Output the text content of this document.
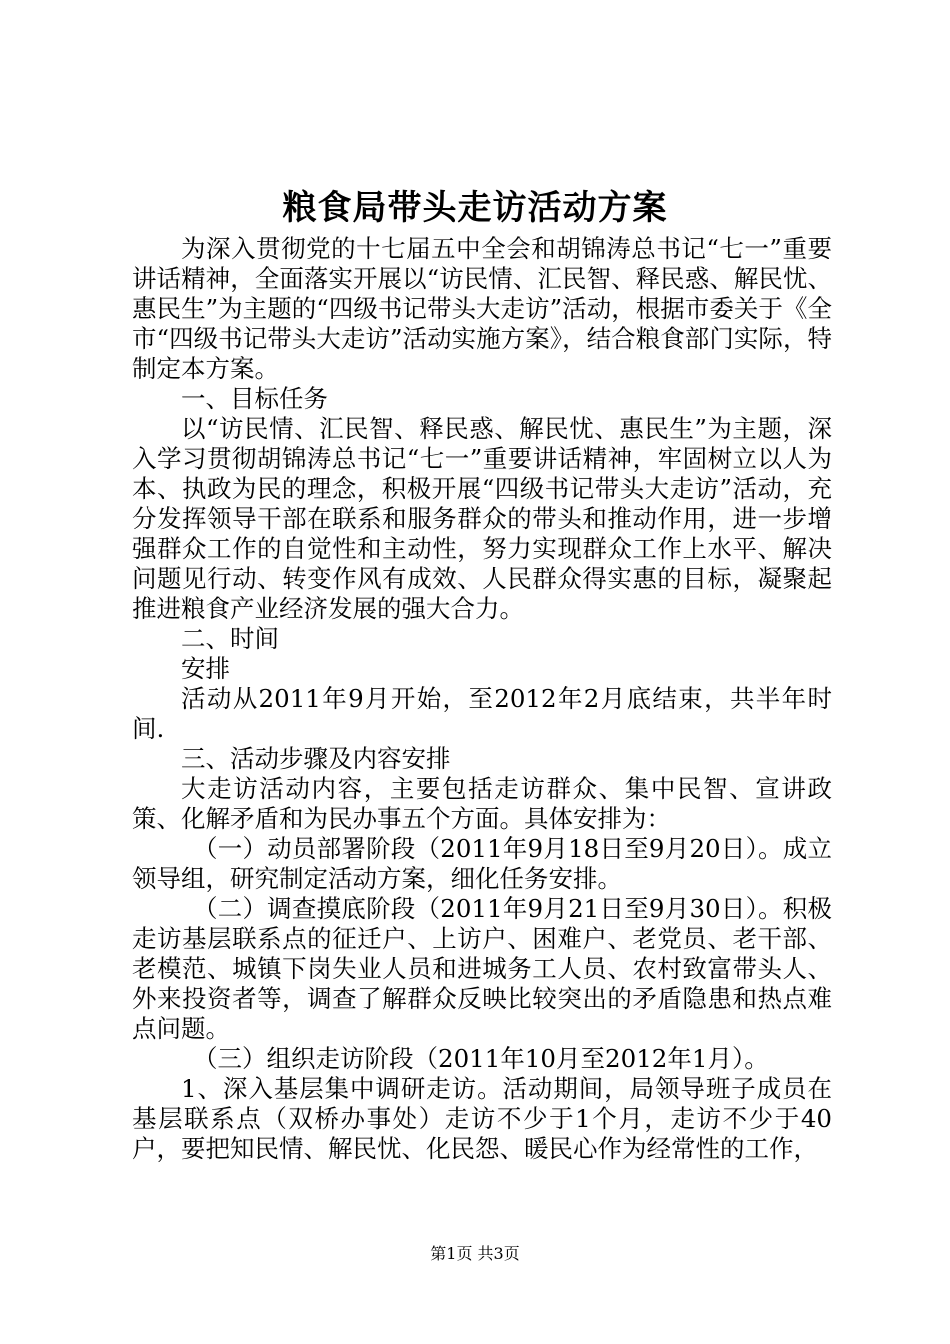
粮食局带头走访活动方案

为深入贯彻党的十七届五中全会和胡锦涛总书记“七一”重要讲话精神，全面落实开展以“访民情、汇民智、释民惑、解民忧、惠民生”为主题的“四级书记带头大走访”活动，根据市委关于《全市“四级书记带头大走访”活动实施方案》，结合粮食部门实际，特制定本方案。

一、目标任务

以“访民情、汇民智、释民惑、解民忧、惠民生”为主题，深入学习贯彻胡锦涛总书记“七一”重要讲话精神，牢固树立以人为本、执政为民的理念，积极开展“四级书记带头大走访”活动，充分发挥领导干部在联系和服务群众的带头和推动作用，进一步增强群众工作的自觉性和主动性，努力实现群众工作上水平、解决问题见行动、转变作风有成效、人民群众得实惠的目标，凝聚起推进粮食产业经济发展的强大合力。

二、时间

安排

活动从2011年9月开始，至2012年2月底结束，共半年时间.

三、活动步骤及内容安排

大走访活动内容，主要包括走访群众、集中民智、宣讲政策、化解矛盾和为民办事五个方面。具体安排为：

（一）动员部署阶段（2011年9月18日至9月20日）。成立领导组，研究制定活动方案，细化任务安排。

（二）调查摸底阶段（2011年9月21日至9月30日）。积极走访基层联系点的征迁户、上访户、困难户、老党员、老干部、老模范、城镇下岗失业人员和进城务工人员、农村致富带头人、外来投资者等，调查了解群众反映比较突出的矛盾隐患和热点难点问题。

（三）组织走访阶段（2011年10月至2012年1月）。

1、深入基层集中调研走访。活动期间，局领导班子成员在基层联系点（双桥办事处）走访不少于1个月，走访不少于40户，要把知民情、解民忧、化民怨、暖民心作为经常性的工作，

第1页 共3页
